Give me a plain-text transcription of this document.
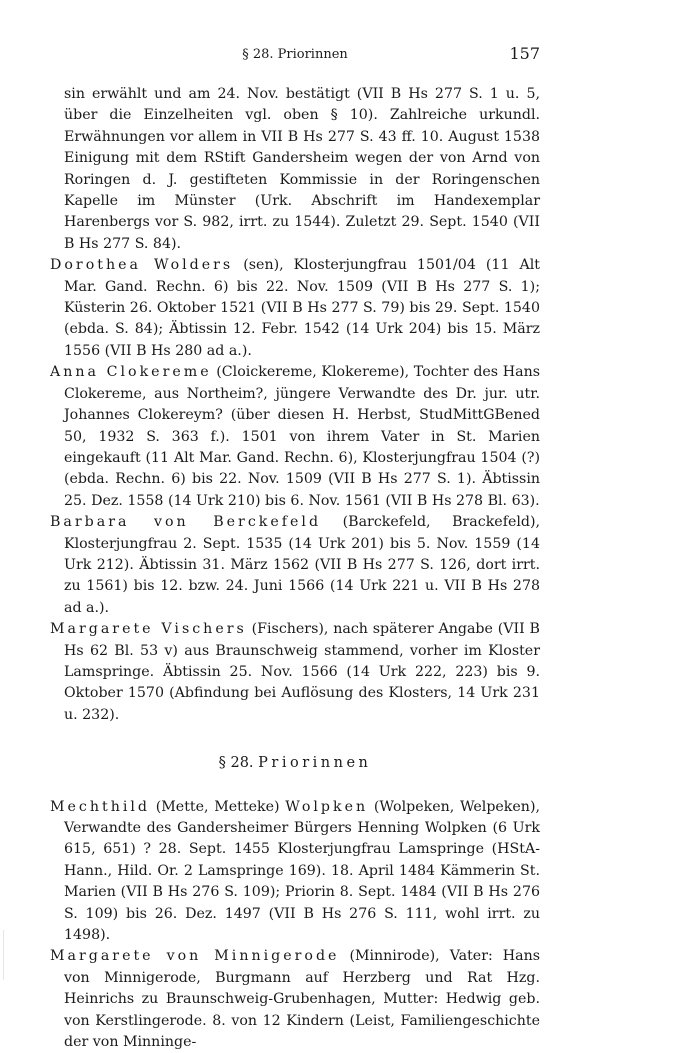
§ 28. Priorinnen	157

sin erwählt und am 24. Nov. bestätigt (VII B Hs 277 S. 1 u. 5, über die Einzelheiten vgl. oben § 10). Zahlreiche urkundl. Erwähnungen vor allem in VII B Hs 277 S. 43 ff. 10. August 1538 Einigung mit dem RStift Gandersheim wegen der von Arnd von Roringen d. J. gestifteten Kommissie in der Roringenschen Kapelle im Münster (Urk. Abschrift im Handexemplar Harenbergs vor S. 982, irrt. zu 1544). Zuletzt 29. Sept. 1540 (VII B Hs 277 S. 84).

Dorothea Wolders (sen), Klosterjungfrau 1501/04 (11 Alt Mar. Gand. Rechn. 6) bis 22. Nov. 1509 (VII B Hs 277 S. 1); Küsterin 26. Oktober 1521 (VII B Hs 277 S. 79) bis 29. Sept. 1540 (ebda. S. 84); Äbtissin 12. Febr. 1542 (14 Urk 204) bis 15. März 1556 (VII B Hs 280 ad a.).

Anna Clokereme (Cloickereme, Klokereme), Tochter des Hans Clokereme, aus Northeim?, jüngere Verwandte des Dr. jur. utr. Johannes Clokereym? (über diesen H. Herbst, StudMittGBened 50, 1932 S. 363 f.). 1501 von ihrem Vater in St. Marien eingekauft (11 Alt Mar. Gand. Rechn. 6), Klosterjungfrau 1504 (?) (ebda. Rechn. 6) bis 22. Nov. 1509 (VII B Hs 277 S. 1). Äbtissin 25. Dez. 1558 (14 Urk 210) bis 6. Nov. 1561 (VII B Hs 278 Bl. 63).

Barbara von Berckefeld (Barckefeld, Brackefeld), Klosterjungfrau 2. Sept. 1535 (14 Urk 201) bis 5. Nov. 1559 (14 Urk 212). Äbtissin 31. März 1562 (VII B Hs 277 S. 126, dort irrt. zu 1561) bis 12. bzw. 24. Juni 1566 (14 Urk 221 u. VII B Hs 278 ad a.).

Margarete Vischers (Fischers), nach späterer Angabe (VII B Hs 62 Bl. 53 v) aus Braunschweig stammend, vorher im Kloster Lamspringe. Äbtissin 25. Nov. 1566 (14 Urk 222, 223) bis 9. Oktober 1570 (Abfindung bei Auflösung des Klosters, 14 Urk 231 u. 232).

§ 28. Priorinnen

Mechthild (Mette, Metteke) Wolpken (Wolpeken, Welpeken), Verwandte des Gandersheimer Bürgers Henning Wolpken (6 Urk 615, 651) ? 28. Sept. 1455 Klosterjungfrau Lamspringe (HStA-Hann., Hild. Or. 2 Lamspringe 169). 18. April 1484 Kämmerin St. Marien (VII B Hs 276 S. 109); Priorin 8. Sept. 1484 (VII B Hs 276 S. 109) bis 26. Dez. 1497 (VII B Hs 276 S. 111, wohl irrt. zu 1498).

Margarete von Minnigerode (Minnirode), Vater: Hans von Minnigerode, Burgmann auf Herzberg und Rat Hzg. Heinrichs zu Braunschweig-Grubenhagen, Mutter: Hedwig geb. von Kerstlingerode. 8. von 12 Kindern (Leist, Familiengeschichte der von Minninge-
